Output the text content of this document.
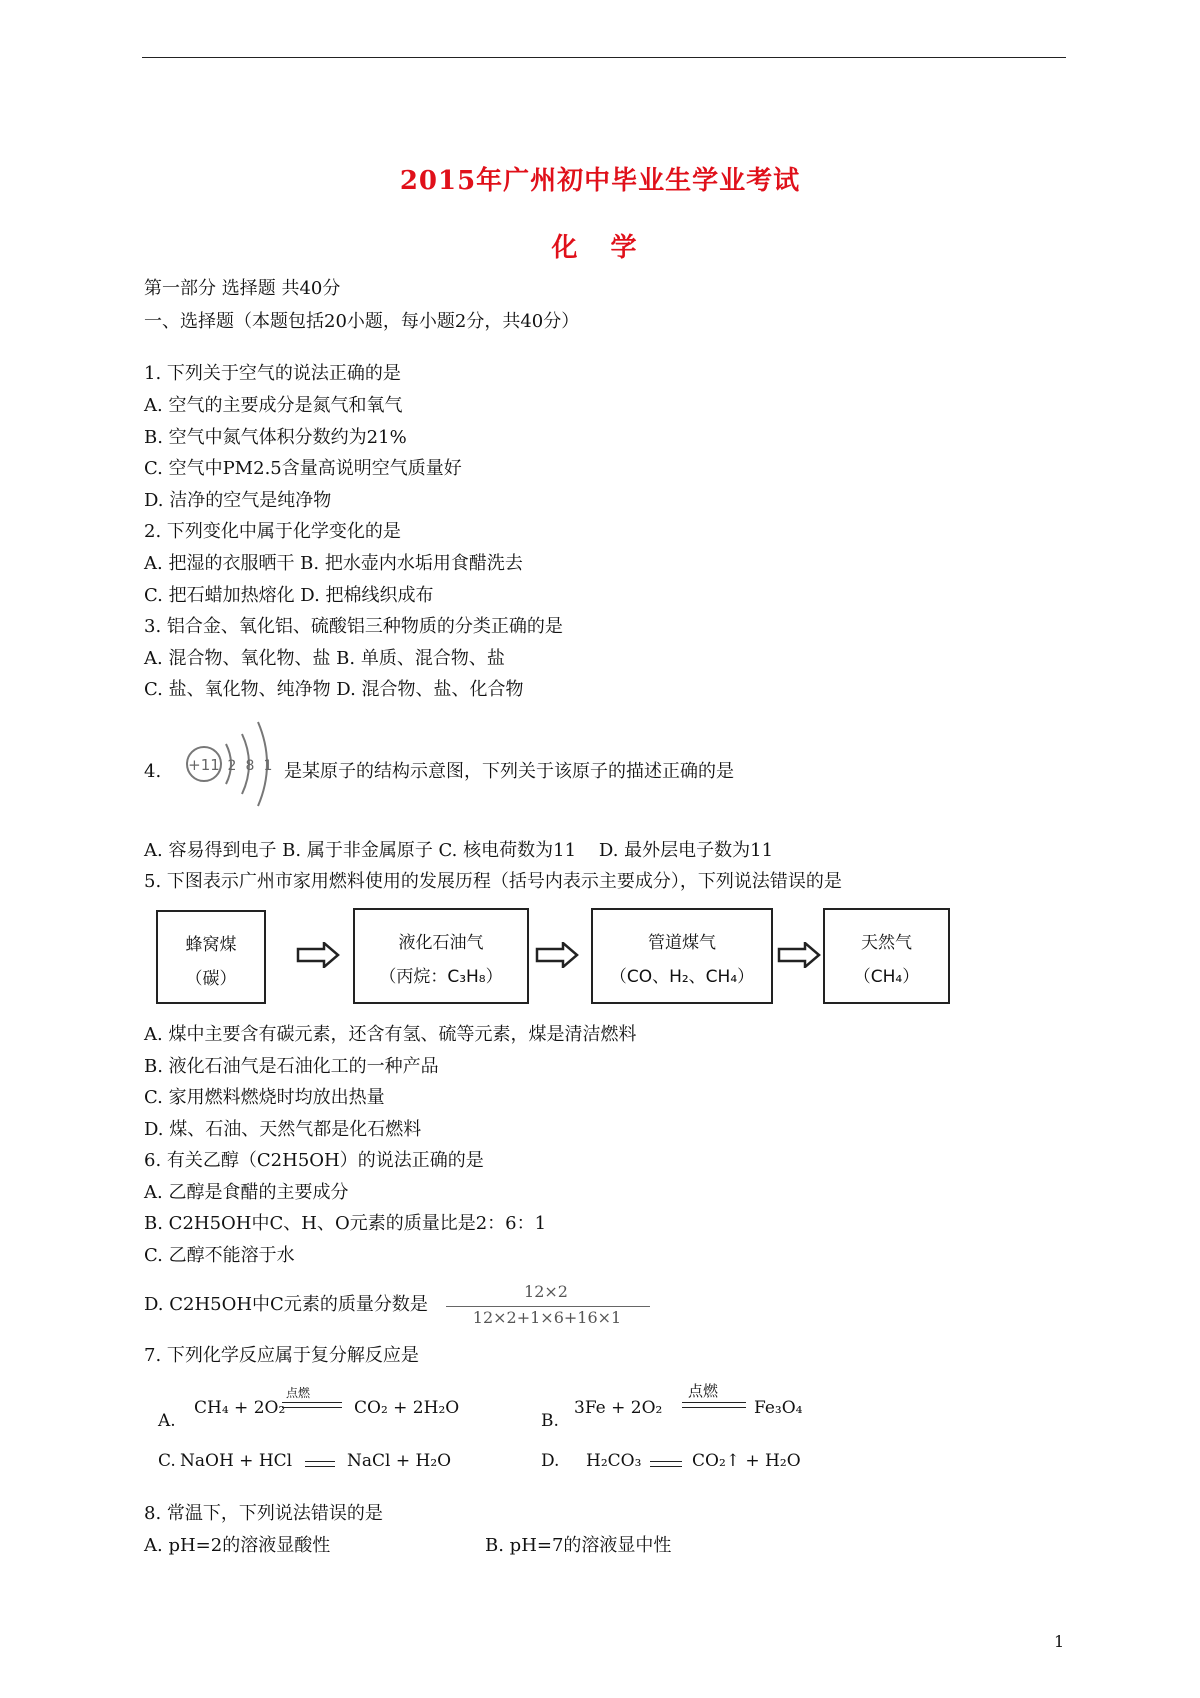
2015年广州初中毕业生学业考试
化 学
第一部分 选择题 共40分
一、选择题（本题包括20小题，每小题2分，共40分）
1. 下列关于空气的说法正确的是
A. 空气的主要成分是氮气和氧气
B. 空气中氮气体积分数约为21%
C. 空气中PM2.5含量高说明空气质量好
D. 洁净的空气是纯净物
2. 下列变化中属于化学变化的是
A. 把湿的衣服晒干 B. 把水壶内水垢用食醋洗去
C. 把石蜡加热熔化 D. 把棉线织成布
3. 铝合金、氧化铝、硫酸铝三种物质的分类正确的是
A. 混合物、氧化物、盐 B. 单质、混合物、盐
C. 盐、氧化物、纯净物 D. 混合物、盐、化合物
4. +11 2 8 1 是某原子的结构示意图，下列关于该原子的描述正确的是
A. 容易得到电子 B. 属于非金属原子 C. 核电荷数为11    D. 最外层电子数为11
5. 下图表示广州市家用燃料使用的发展历程（括号内表示主要成分），下列说法错误的是
蜂窝煤
（碳）
液化石油气
（丙烷：C₃H₈）
管道煤气
（CO、H₂、CH₄）
天然气
（CH₄）
A. 煤中主要含有碳元素，还含有氢、硫等元素，煤是清洁燃料
B. 液化石油气是石油化工的一种产品
C. 家用燃料燃烧时均放出热量
D. 煤、石油、天然气都是化石燃料
6. 有关乙醇（C2H5OH）的说法正确的是
A. 乙醇是食醋的主要成分
B. C2H5OH中C、H、O元素的质量比是2：6：1
C. 乙醇不能溶于水
D. C2H5OH中C元素的质量分数是
12×2
12×2+1×6+16×1
7. 下列化学反应属于复分解反应是
A.
CH₄ + 2O₂
点燃
CO₂ + 2H₂O
B.
3Fe + 2O₂
点燃
Fe₃O₄
C. NaOH + HCl	NaCl + H₂O	D. H₂CO₃	CO₂↑ + H₂O
8. 常温下，下列说法错误的是
A. pH=2的溶液显酸性	B. pH=7的溶液显中性
1
